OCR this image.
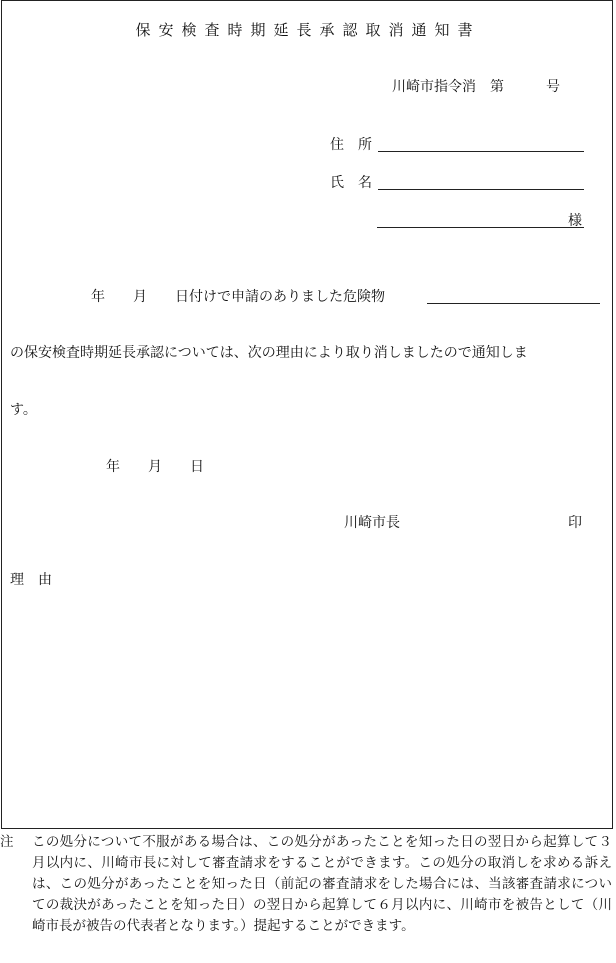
保安検査時期延長承認取消通知書
川崎市指令消　第　　　号
住　所
氏　名
様
年　　月　　日付けで申請のありました危険物
の保安検査時期延長承認については、次の理由により取り消しましたので通知しま
す。
年　　月　　日
川崎市長	印
理　由
注	この処分について不服がある場合は、この処分があったことを知った日の翌日から起算して３月以内に、川崎市長に対して審査請求をすることができます。この処分の取消しを求める訴えは、この処分があったことを知った日（前記の審査請求をした場合には、当該審査請求についての裁決があったことを知った日）の翌日から起算して６月以内に、川崎市を被告として（川崎市長が被告の代表者となります。）提起することができます。
